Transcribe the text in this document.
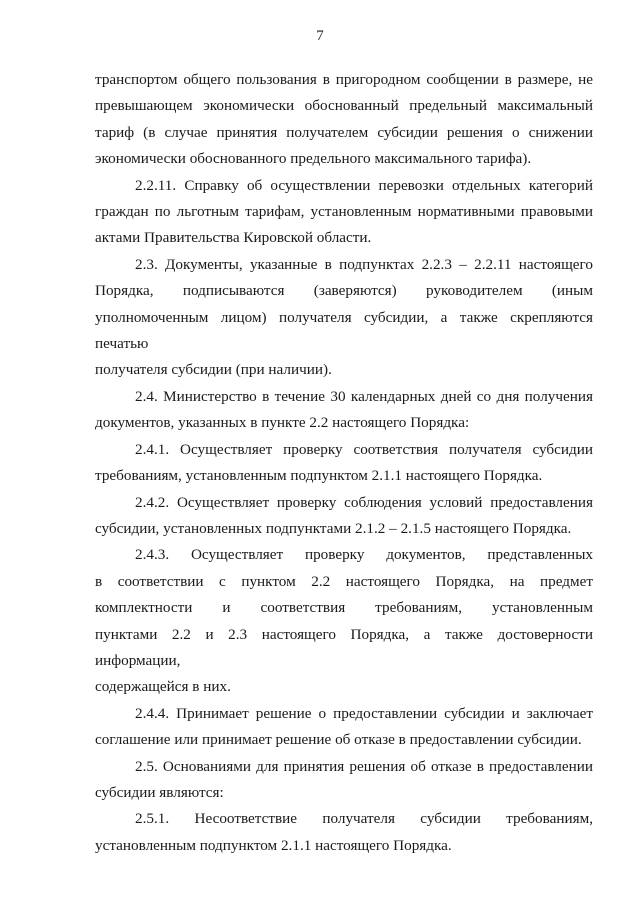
7

транспортом общего пользования в пригородном сообщении в размере, не
превышающем экономически обоснованный предельный максимальный
тариф (в случае принятия получателем субсидии решения о снижении
экономически обоснованного предельного максимального тарифа).

2.2.11. Справку об осуществлении перевозки отдельных категорий
граждан по льготным тарифам, установленным нормативными правовыми
актами Правительства Кировской области.

2.3. Документы, указанные в подпунктах 2.2.3 – 2.2.11 настоящего
Порядка, подписываются (заверяются) руководителем (иным
уполномоченным лицом) получателя субсидии, а также скрепляются печатью
получателя субсидии (при наличии).

2.4. Министерство в течение 30 календарных дней со дня получения
документов, указанных в пункте 2.2 настоящего Порядка:

2.4.1. Осуществляет проверку соответствия получателя субсидии
требованиям, установленным подпунктом 2.1.1 настоящего Порядка.

2.4.2. Осуществляет проверку соблюдения условий предоставления
субсидии, установленных подпунктами 2.1.2 – 2.1.5 настоящего Порядка.

2.4.3. Осуществляет проверку документов, представленных
в соответствии с пунктом 2.2 настоящего Порядка, на предмет
комплектности и соответствия требованиям, установленным
пунктами 2.2 и 2.3 настоящего Порядка, а также достоверности информации,
содержащейся в них.

2.4.4. Принимает решение о предоставлении субсидии и заключает
соглашение или принимает решение об отказе в предоставлении субсидии.

2.5. Основаниями для принятия решения об отказе в предоставлении
субсидии являются:

2.5.1. Несоответствие получателя субсидии требованиям,
установленным подпунктом 2.1.1 настоящего Порядка.
